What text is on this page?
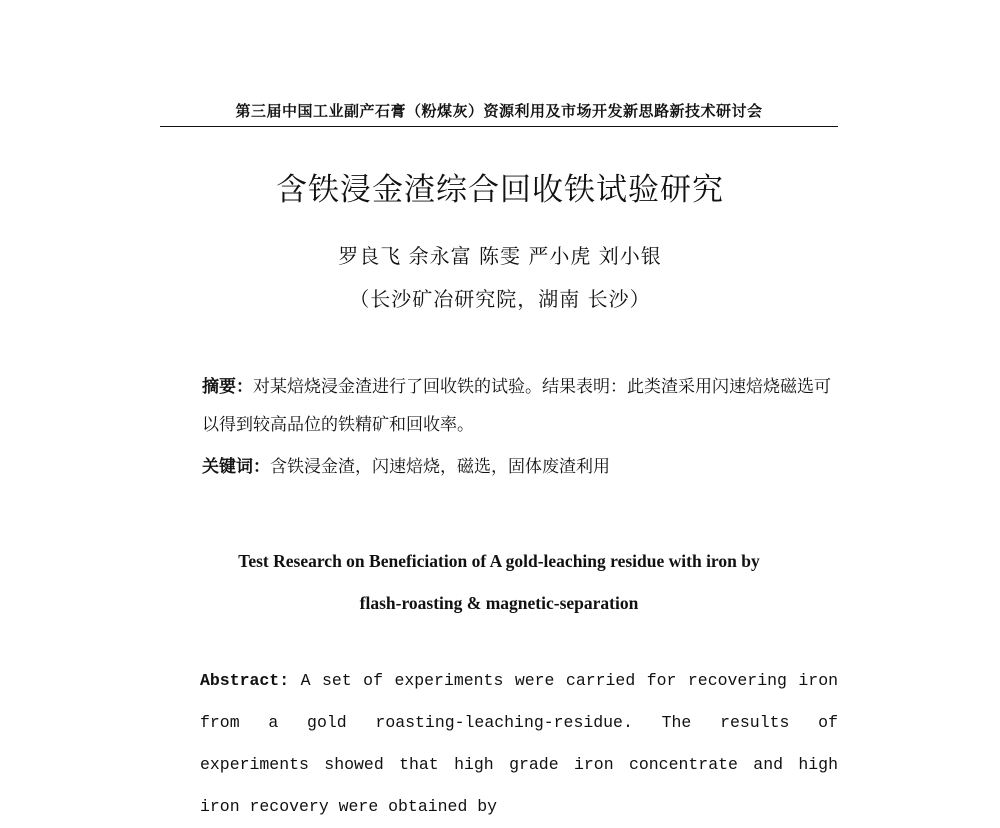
第三届中国工业副产石膏（粉煤灰）资源利用及市场开发新思路新技术研讨会
含铁浸金渣综合回收铁试验研究
罗良飞 余永富 陈雯 严小虎 刘小银
（长沙矿冶研究院，湖南 长沙）
摘要：对某焙烧浸金渣进行了回收铁的试验。结果表明：此类渣采用闪速焙烧磁选可以得到较高品位的铁精矿和回收率。
关键词：含铁浸金渣，闪速焙烧，磁选，固体废渣利用
Test Research on Beneficiation of A gold-leaching residue with iron by
flash-roasting & magnetic-separation
Abstract: A set of experiments were carried for recovering iron from a gold roasting-leaching-residue. The results of experiments showed that high grade iron concentrate and high iron recovery were obtained by
